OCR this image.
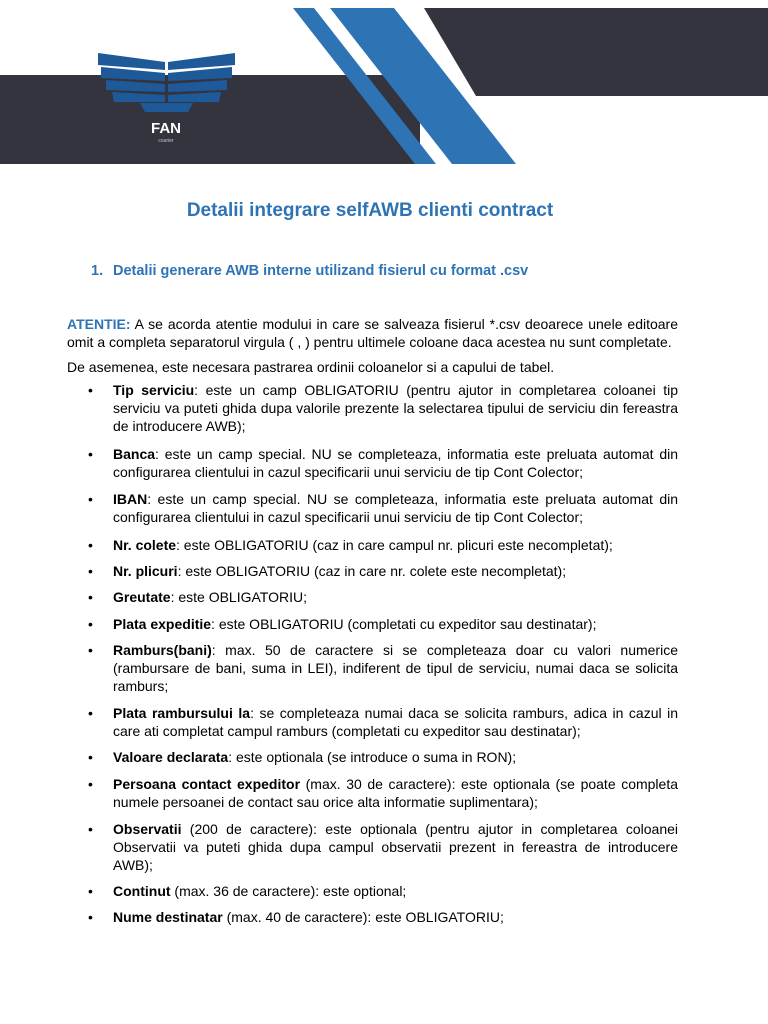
FAN
courier
Detalii integrare selfAWB clienti contract
1. Detalii generare AWB interne utilizand fisierul cu format .csv

ATENTIE: A se acorda atentie modului in care se salveaza fisierul *.csv deoarece unele editoare omit a completa separatorul virgula ( , ) pentru ultimele coloane daca acestea nu sunt completate.

De asemenea, este necesara pastrarea ordinii coloanelor si a capului de tabel.

• Tip serviciu: este un camp OBLIGATORIU (pentru ajutor in completarea coloanei tip serviciu va puteti ghida dupa valorile prezente la selectarea tipului de serviciu din fereastra de introducere AWB);
• Banca: este un camp special. NU se completeaza, informatia este preluata automat din configurarea clientului in cazul specificarii unui serviciu de tip Cont Colector;
• IBAN: este un camp special. NU se completeaza, informatia este preluata automat din configurarea clientului in cazul specificarii unui serviciu de tip Cont Colector;
• Nr. colete: este OBLIGATORIU (caz in care campul nr. plicuri este necompletat);
• Nr. plicuri: este OBLIGATORIU (caz in care nr. colete este necompletat);
• Greutate: este OBLIGATORIU;
• Plata expeditie: este OBLIGATORIU (completati cu expeditor sau destinatar);
• Ramburs(bani): max. 50 de caractere si se completeaza doar cu valori numerice (rambursare de bani, suma in LEI), indiferent de tipul de serviciu, numai daca se solicita ramburs;
• Plata rambursului la: se completeaza numai daca se solicita ramburs, adica in cazul in care ati completat campul ramburs (completati cu expeditor sau destinatar);
• Valoare declarata: este optionala (se introduce o suma in RON);
• Persoana contact expeditor (max. 30 de caractere): este optionala (se poate completa numele persoanei de contact sau orice alta informatie suplimentara);
• Observatii (200 de caractere): este optionala (pentru ajutor in completarea coloanei Observatii va puteti ghida dupa campul observatii prezent in fereastra de introducere AWB);
• Continut (max. 36 de caractere): este optional;
• Nume destinatar (max. 40 de caractere): este OBLIGATORIU;
